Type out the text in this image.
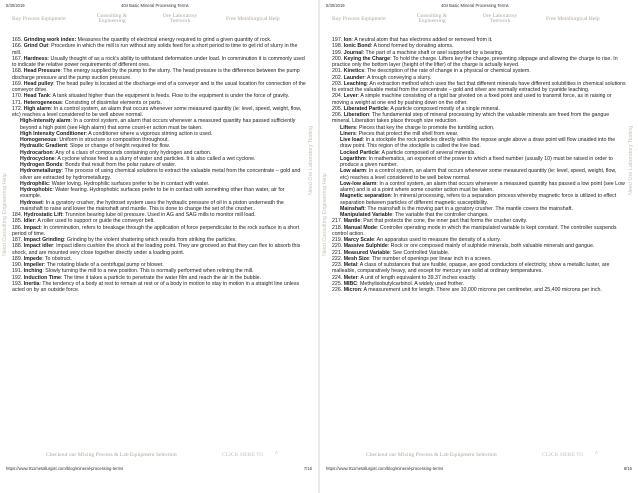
5/30/2019	404 Basic Mineral Processing Terms
Buy Process Equipment	Consulting & Engineering
Ore Laboratory Testwork	Free Metallurgical Help
Need Consulting Engineering Help
Need Ore Laboratory Testing
165. Grinding work index: Measures the quantity of electrical energy required to grind a given quantity of rock.
166. Grind Out: Procedure in which the mill is run without any solids feed for a short period to time to get rid of slurry in the mill.
167. Hardness: Usually thought of as a rock's ability to withstand deformation under load. In comminution it is commonly used to indicate the relative power requirements of different ores.
168. Head Pressure: The energy supplied by the pump to the slurry. The head pressure is the difference between the pump discharge pressure and the pump suction pressure.
169. Head pulley: The head pulley is located at the discharge end of a conveyor and is the usual location for connection of the conveyor drive.
170. Head Tank: A tank situated higher than the equipment is feeds. Flow to the equipment is under the force of gravity.
171. Heterogeneous: Consisting of dissimilar elements or parts.
172. High alarm: In a control system, an alarm that occurs whenever some measured quantity (ie: level, speed, weight, flow, etc) reaches a level considered to be well above normal.
High-intensity alarm: In a control system, an alarm that occurs whenever a measured quantity has passed sufficiently beyond a high point (see High alarm) that some count-er action must be taken.
High Intensity Conditioner: A conditioner where a vigorous stirring action is used.
Homogeneous: Uniform in structure or composition throughout.
Hydraulic Gradient: Slope or change of height required for flow.
Hydrocarbon: Any of a class of compounds containing only hydrogen and carbon.
Hydrocyclone: A cyclone whose feed is a slurry of water and particles. It is also called a wet cyclone.
Hydrogen Bonds: Bonds that result from the polar nature of water.
Hydrometallurgy: The process of using chemical solutions to extract the valuable metal from the concentrate – gold and silver are extracted by hydrometallurgy.
Hydrophilic: Water loving. Hydrophilic surfaces prefer to be in contact with water.
Hydrophobic: Water fearing. Hydrophobic surfaces prefer to be in contact with something other than water, air for example.
Hydroset: In a gyratory crusher, the hydroset system uses the hydraulic pressure of oil in a piston underneath the mainshaft to raise and lower the mainshaft and mantle. This is done to change the set of the crusher..
184. Hydrostatic Lift: Trunnion bearing lube oil pressure. Used in AG and SAG mills to monitor mill load.
185. Idler: A roller used to support or guide the conveyor belt.
186. Impact: In comminution, refers to breakage through the application of force perpendicular to the rock surface in a short period of time.
187. Impact Grinding: Grinding by the violent shattering which results from striking the particles.
188. Impact idler: Impact idlers cushion the shock at the loading point. They are grooved so that they can flex to absorb this shock, and are mounted very close together directly under a loading point.
189. Impede: To obstruct.
190. Impeller: The rotating blade of a centrifugal pump or blower.
191. Inching: Slowly turning the mill to a new position. This is normally performed when relining the mill.
192. Induction Time: The time it takes a particle to penetrate the water film and reach the air in the bubble.
193. Inertia: The tendency of a body at rest to remain at rest or of a body in motion to stay in motion in a straight line unless acted on by an outside force.
Checkout our Mixing Process & Lab Equipment Selection	CLICK HERE TO ^
https://www.911metallurgist.com/blog/mineral-processing-terms	7/16
5/30/2019	404 Basic Mineral Processing Terms
Buy Process Equipment	Consulting & Engineering
Ore Laboratory Testwork	Free Metallurgical Help
Need Consulting Engineering Help
Need Ore Laboratory Testing
197. Ion: A neutral atom that has electrons added or removed from it.
198. Ionic Bond: A bond formed by donating atoms.
199. Journal: The part of a machine shaft or axel supported by a bearing.
200. Keying the Charge: To hold the charge. Lifters key the charge, preventing slippage and allowing the charge to rise. In practice only the bottom layer (height of the lifter) of the charge is actually keyed.
201. Kinetics: The description of the rate of change in a physical or chemical system.
202. Launder: A trough conveying a slurry.
203. Leaching: An extraction method which uses the fact that different minerals have different solubilities in chemical solutions to extract the valuable metal from the concentrate – gold and silver are normally extracted by cyanide leaching.
204. Lever: A simple machine consisting of a rigid bar pivoted on a fixed point and used to transmit force, as in raising or moving a weight at one end by pushing down on the other.
205. Liberated Particle: A particle composed mostly of a single mineral.
206. Liberation: The fundamental step of mineral processing by which the valuable minerals are freed from the gangue mineral. Liberation takes place through size reduction.
Lifters: Pieces that key the charge to promote the tumbling action.
Liners: Pieces that protect the mill shell from wear.
Live load: In a stockpile the rock particles directly within the repose angle above a draw point will flow unaided into the draw point. This region of the stockpile is called the live load.
Locked Particle: A particle composed of several minerals.
Logarithm: In mathematics, an exponent of the power to which a fixed number (usually 10) must be raised in order to produce a given number.
Low alarm: In a control system, an alarm that occurs whenever some measured quantity (ie: level, speed, weight, flow, etc) reaches a level considered to be well below normal.
Low-low alarm: In a control system, an alarm that occurs whenever a measured quantity has passed a low point (see Low alarm) and is at a point where some counter action must be taken.
Magnetic separation: In mineral processing, refers to a separation process whereby magnetic force is utilized to effect separation between particles of different magnetic susceptibility.
Mainshaft: The mainshaft is the moving part in a gyratory crusher. The mantle covers the mainshaft.
Manipulated Variable: The variable that the controller changes.
217. Mantle: Part that protects the cone, the inner part that forms the crusher cavity.
218. Manual Mode: Controller operating mode in which the manipulated variable is kept constant. The controller suspends control action.
219. Marcy Scale: An apparatus used to measure the density of a slurry.
220. Massive Sulphide: Rock or ore composed mainly of sulphide minerals, both valuable minerals and gangue.
221. Measured Variable: See Controlled Variable.
222. Mesh Size: The number of openings per linear inch in a screen.
223. Metal: A class of substances that are fusible, opaque, are good conductors of electricity, show a metallic luster, are malleable, comparatively heavy, and except for mercury are solid at ordinary temperatures.
224. Meter: A unit of length equivalent to 39.37 inches exactly.
225. MIBC: Methylisobutylcarbinol. A widely used frother.
226. Micron: A measurement unit for length. There are 10,000 microns per centimeter, and 25,400 microns per inch.
Checkout our Mixing Process & Lab Equipment Selection	CLICK HERE TO ^
https://www.911metallurgist.com/blog/mineral-processing-terms	8/16
